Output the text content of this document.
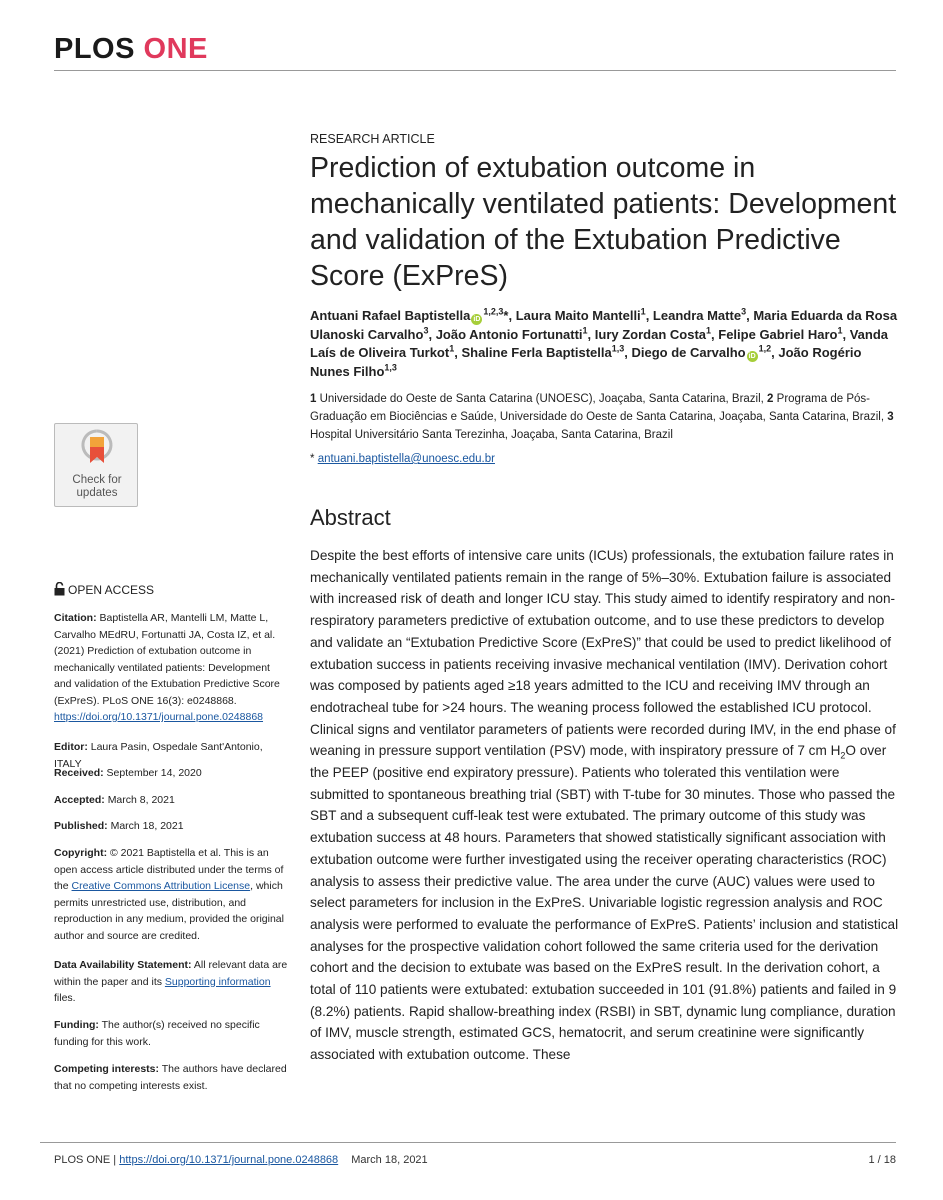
PLOS ONE
Check for updates
OPEN ACCESS
Citation: Baptistella AR, Mantelli LM, Matte L, Carvalho MEdRU, Fortunatti JA, Costa IZ, et al. (2021) Prediction of extubation outcome in mechanically ventilated patients: Development and validation of the Extubation Predictive Score (ExPreS). PLoS ONE 16(3): e0248868. https://doi.org/10.1371/journal.pone.0248868
Editor: Laura Pasin, Ospedale Sant'Antonio, ITALY
Received: September 14, 2020
Accepted: March 8, 2021
Published: March 18, 2021
Copyright: © 2021 Baptistella et al. This is an open access article distributed under the terms of the Creative Commons Attribution License, which permits unrestricted use, distribution, and reproduction in any medium, provided the original author and source are credited.
Data Availability Statement: All relevant data are within the paper and its Supporting information files.
Funding: The author(s) received no specific funding for this work.
Competing interests: The authors have declared that no competing interests exist.
RESEARCH ARTICLE
Prediction of extubation outcome in mechanically ventilated patients: Development and validation of the Extubation Predictive Score (ExPreS)
Antuani Rafael Baptistella iD$^{1,2,3}$*, Laura Maito Mantelli$^1$, Leandra Matte$^3$, Maria Eduarda da Rosa Ulanoski Carvalho$^3$, João Antonio Fortunatti$^1$, Iury Zordan Costa$^1$, Felipe Gabriel Haro$^1$, Vanda Laís de Oliveira Turkot$^1$, Shaline Ferla Baptistella$^{1,3}$, Diego de Carvalho iD$^{1,2}$, João Rogério Nunes Filho$^{1,3}$
1 Universidade do Oeste de Santa Catarina (UNOESC), Joaçaba, Santa Catarina, Brazil, 2 Programa de Pós-Graduação em Biociências e Saúde, Universidade do Oeste de Santa Catarina, Joaçaba, Santa Catarina, Brazil, 3 Hospital Universitário Santa Terezinha, Joaçaba, Santa Catarina, Brazil
* antuani.baptistella@unoesc.edu.br
Abstract
Despite the best efforts of intensive care units (ICUs) professionals, the extubation failure rates in mechanically ventilated patients remain in the range of 5%–30%. Extubation failure is associated with increased risk of death and longer ICU stay. This study aimed to identify respiratory and non-respiratory parameters predictive of extubation outcome, and to use these predictors to develop and validate an “Extubation Predictive Score (ExPreS)” that could be used to predict likelihood of extubation success in patients receiving invasive mechanical ventilation (IMV). Derivation cohort was composed by patients aged ≥18 years admitted to the ICU and receiving IMV through an endotracheal tube for >24 hours. The weaning process followed the established ICU protocol. Clinical signs and ventilator parameters of patients were recorded during IMV, in the end phase of weaning in pressure support ventilation (PSV) mode, with inspiratory pressure of 7 cm $H_2O$ over the PEEP (positive end expiratory pressure). Patients who tolerated this ventilation were submitted to spontaneous breathing trial (SBT) with T-tube for 30 minutes. Those who passed the SBT and a subsequent cuff-leak test were extubated. The primary outcome of this study was extubation success at 48 hours. Parameters that showed statistically significant association with extubation outcome were further investigated using the receiver operating characteristics (ROC) analysis to assess their predictive value. The area under the curve (AUC) values were used to select parameters for inclusion in the ExPreS. Univariable logistic regression analysis and ROC analysis were performed to evaluate the performance of ExPreS. Patients’ inclusion and statistical analyses for the prospective validation cohort followed the same criteria used for the derivation cohort and the decision to extubate was based on the ExPreS result. In the derivation cohort, a total of 110 patients were extubated: extubation succeeded in 101 (91.8%) patients and failed in 9 (8.2%) patients. Rapid shallow-breathing index (RSBI) in SBT, dynamic lung compliance, duration of IMV, muscle strength, estimated GCS, hematocrit, and serum creatinine were significantly associated with extubation outcome. These
PLOS ONE | https://doi.org/10.1371/journal.pone.0248868 March 18, 2021	1 / 18
